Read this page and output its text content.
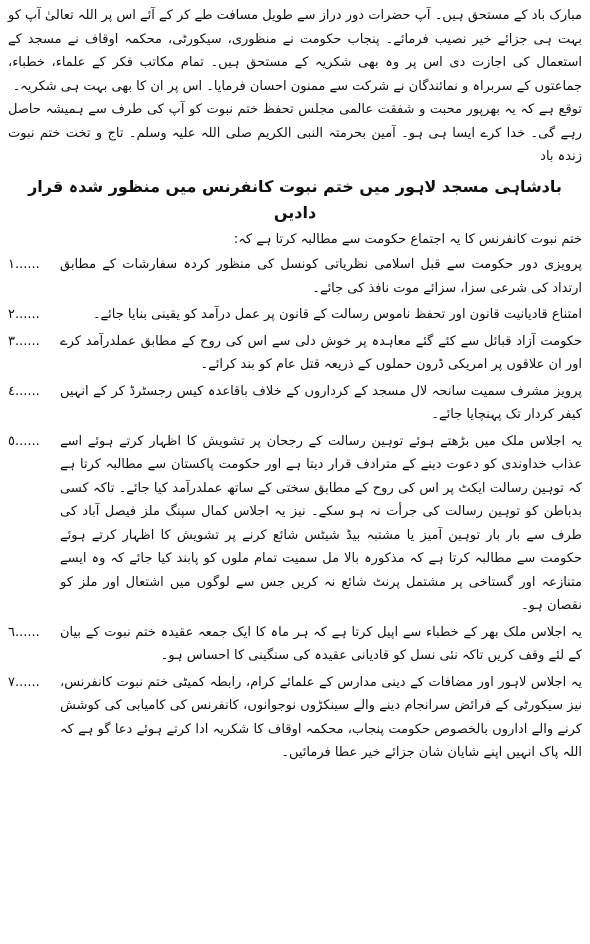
مبارک باد کے مستحق ہیں۔ آپ حضرات دور دراز سے طویل مسافت طے کر کے آئے اس پر اللہ تعالیٰ آپ کو بہت ہی جزائے خیر نصیب فرمائے۔ پنجاب حکومت نے منظوری، سیکورٹی، محکمہ اوقاف نے مسجد کے استعمال کی اجازت دی اس پر وہ بھی شکریہ کے مستحق ہیں۔ تمام مکاتب فکر کے علماء، خطباء، جماعتوں کے سربراہ و نمائندگان نے شرکت سے ممنون احسان فرمایا۔ اس پر ان کا بھی بہت ہی شکریہ۔

توقع ہے کہ یہ بھرپور محبت و شفقت عالمی مجلس تحفظ ختم نبوت کو آپ کی طرف سے ہمیشہ حاصل رہے گی۔ خدا کرے ایسا ہی ہو۔ آمین بحرمتہ النبی الکریم صلی اللہ علیہ وسلم۔ تاج و تخت ختم نبوت زندہ باد

بادشاہی مسجد لاہور میں ختم نبوت کانفرنس میں منظور شدہ قرار دادیں

ختم نبوت کانفرنس کا یہ اجتماع حکومت سے مطالبہ کرتا ہے کہ:

پرویزی دور حکومت سے قبل اسلامی نظریاتی کونسل کی منظور کردہ سفارشات کے مطابق ارتداد کی شرعی سزا، سزائے موت نافذ کی جائے۔
١......
امتناع قادیانیت قانون اور تحفظ ناموس رسالت کے قانون پر عمل درآمد کو یقینی بنایا جائے۔
٢......
حکومت آزاد قبائل سے کئے گئے معاہدہ پر خوش دلی سے اس کی روح کے مطابق عملدرآمد کرے اور ان علاقوں پر امریکی ڈرون حملوں کے ذریعہ قتل عام کو بند کرائے۔
٣......
پرویز مشرف سمیت سانحہ لال مسجد کے کرداروں کے خلاف باقاعدہ کیس رجسٹرڈ کر کے انہیں کیفر کردار تک پہنچایا جائے۔
٤......
یہ اجلاس ملک میں بڑھتے ہوئے توہین رسالت کے رجحان پر تشویش کا اظہار کرتے ہوئے اسے عذاب خداوندی کو دعوت دینے کے مترادف قرار دیتا ہے اور حکومت پاکستان سے مطالبہ کرتا ہے کہ توہین رسالت ایکٹ پر اس کی روح کے مطابق سختی کے ساتھ عملدرآمد کیا جائے۔ تاکہ کسی بدباطن کو توہین رسالت کی جرأت نہ ہو سکے۔ نیز یہ اجلاس کمال سپنگ ملز فیصل آباد کی طرف سے بار بار توہین آمیز یا مشتبہ بیڈ شیٹس شائع کرنے پر تشویش کا اظہار کرتے ہوئے حکومت سے مطالبہ کرتا ہے کہ مذکورہ بالا مل سمیت تمام ملوں کو پابند کیا جائے کہ وہ ایسے متنازعہ اور گستاخی پر مشتمل پرنٹ شائع نہ کریں جس سے لوگوں میں اشتعال اور ملز کو نقصان ہو۔
٥......
یہ اجلاس ملک بھر کے خطباء سے اپیل کرتا ہے کہ ہر ماہ کا ایک جمعہ عقیدہ ختم نبوت کے بیان کے لئے وقف کریں تاکہ نئی نسل کو قادیانی عقیدہ کی سنگینی کا احساس ہو۔
٦......
یہ اجلاس لاہور اور مضافات کے دینی مدارس کے علمائے کرام، رابطہ کمیٹی ختم نبوت کانفرنس، نیز سیکورٹی کے فرائض سرانجام دینے والے سینکڑوں نوجوانوں، کانفرنس کی کامیابی کی کوشش کرنے والے اداروں بالخصوص حکومت پنجاب، محکمہ اوقاف کا شکریہ ادا کرتے ہوئے دعا گو ہے کہ اللہ پاک انہیں اپنے شایان شان جزائے خیر عطا فرمائیں۔
٧......
